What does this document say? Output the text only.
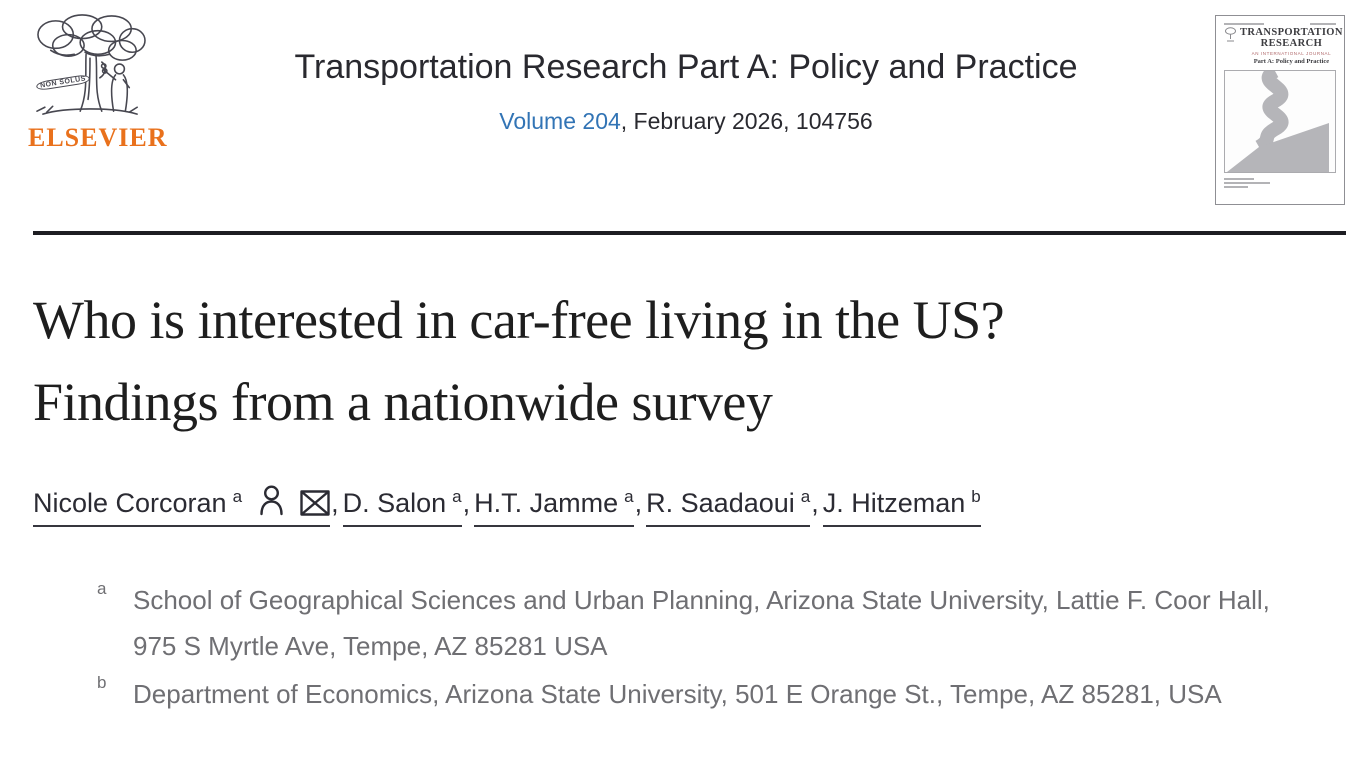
NON SOLUS
ELSEVIER
Transportation Research Part A: Policy and Practice
Volume 204, February 2026, 104756
TRANSPORTATION RESEARCH
AN INTERNATIONAL JOURNAL
Part A: Policy and Practice
Who is interested in car-free living in the US? Findings from a nationwide survey
Nicole Corcoran $^a$	,D. Salon $^a$,H.T. Jamme $^a$,R. Saadaoui $^a$,J. Hitzeman $^b$
a	School of Geographical Sciences and Urban Planning, Arizona State University, Lattie F. Coor Hall, 975 S Myrtle Ave, Tempe, AZ 85281 USA
b	Department of Economics, Arizona State University, 501 E Orange St., Tempe, AZ 85281, USA
